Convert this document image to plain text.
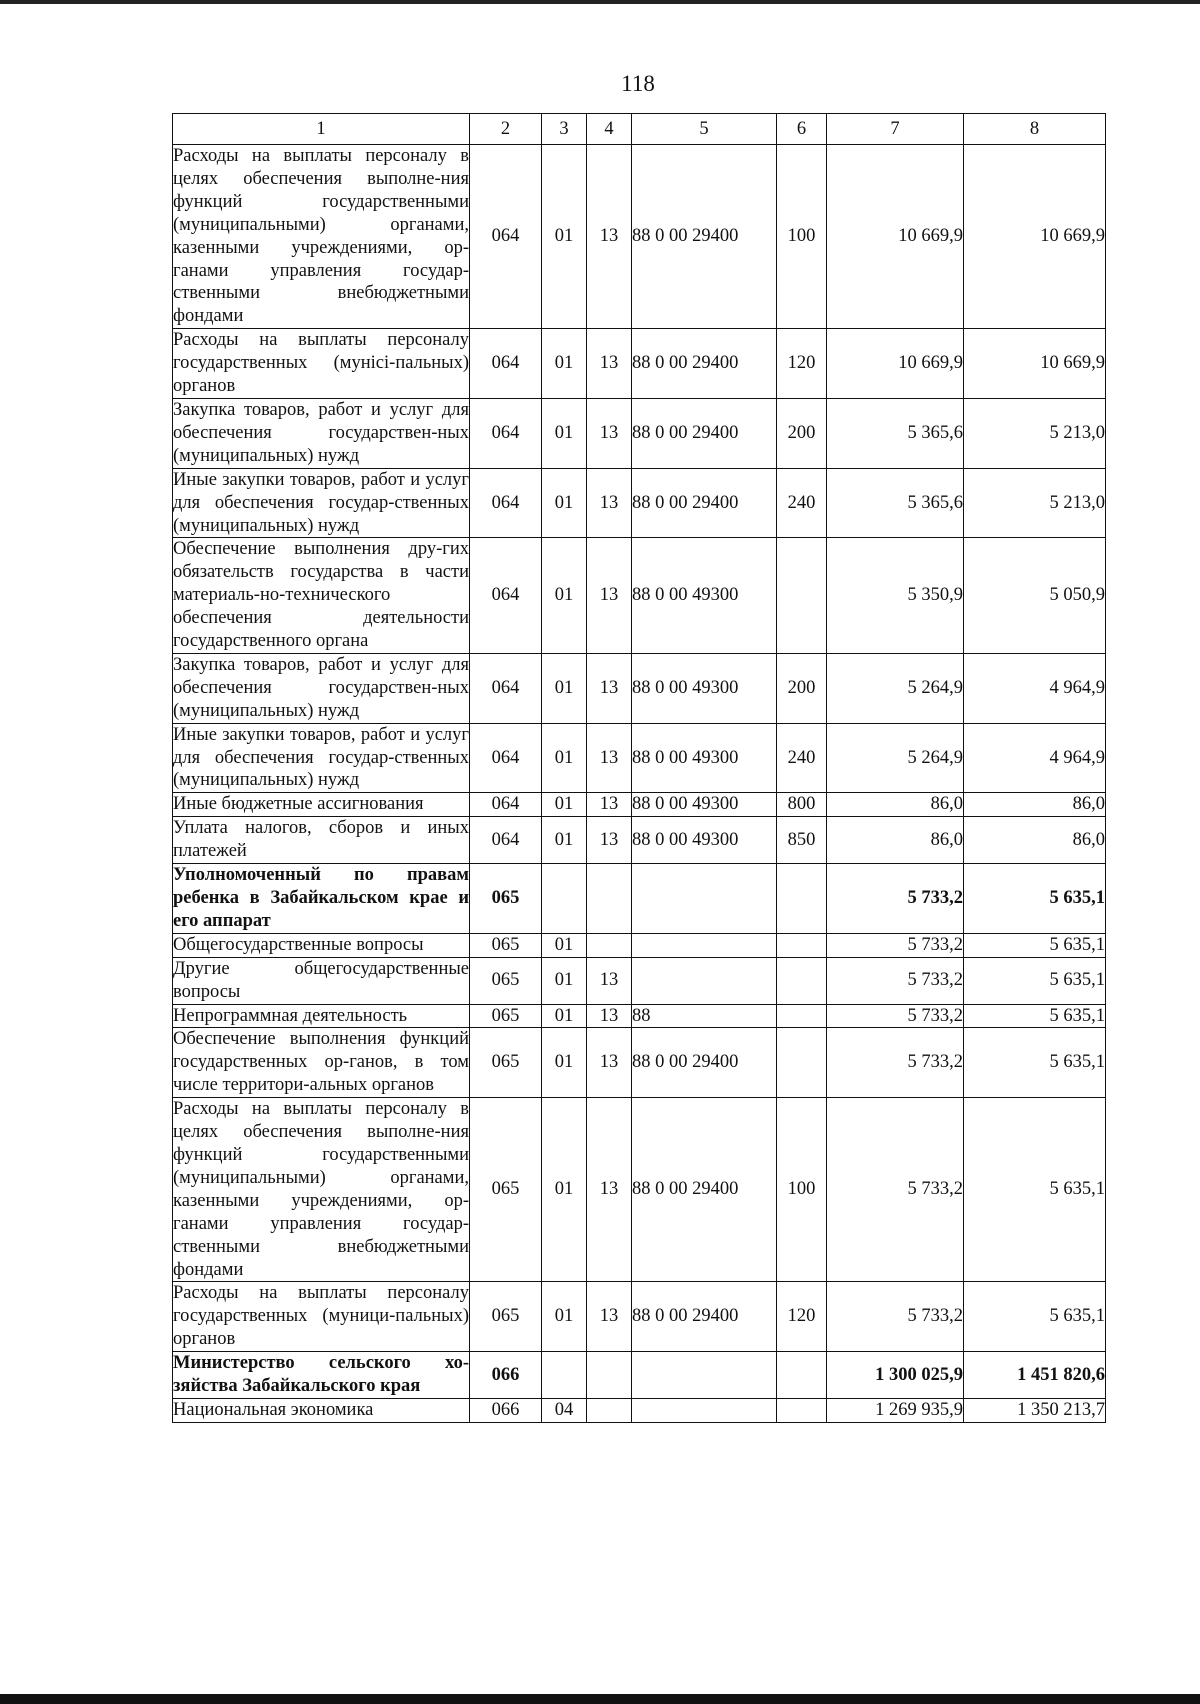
118
1	2	3	4	5	6	7	8
Расходы на выплаты персоналу в целях обеспечения выполне-ния функций государственными (муниципальными) органами, казенными учреждениями, ор-ганами управления государ-ственными внебюджетными фондами	064	01	13	88 0 00 29400	100	10 669,9	10 669,9
Расходы на выплаты персоналу государственных (мунici-пальных) органов	064	01	13	88 0 00 29400	120	10 669,9	10 669,9
Закупка товаров, работ и услуг для обеспечения государствен-ных (муниципальных) нужд	064	01	13	88 0 00 29400	200	5 365,6	5 213,0
Иные закупки товаров, работ и услуг для обеспечения государ-ственных (муниципальных) нужд	064	01	13	88 0 00 29400	240	5 365,6	5 213,0
Обеспечение выполнения дру-гих обязательств государства в части материаль-но-технического обеспечения деятельности государственного органа	064	01	13	88 0 00 49300		5 350,9	5 050,9
Закупка товаров, работ и услуг для обеспечения государствен-ных (муниципальных) нужд	064	01	13	88 0 00 49300	200	5 264,9	4 964,9
Иные закупки товаров, работ и услуг для обеспечения государ-ственных (муниципальных) нужд	064	01	13	88 0 00 49300	240	5 264,9	4 964,9
Иные бюджетные ассигнования	064	01	13	88 0 00 49300	800	86,0	86,0
Уплата налогов, сборов и иных платежей	064	01	13	88 0 00 49300	850	86,0	86,0
Уполномоченный по правам ребенка в Забайкальском крае и его аппарат	065					5 733,2	5 635,1
Общегосударственные вопросы	065	01				5 733,2	5 635,1
Другие общегосударственные вопросы	065	01	13			5 733,2	5 635,1
Непрограммная деятельность	065	01	13	88		5 733,2	5 635,1
Обеспечение выполнения функций государственных ор-ганов, в том числе территори-альных органов	065	01	13	88 0 00 29400		5 733,2	5 635,1
Расходы на выплаты персоналу в целях обеспечения выполне-ния функций государственными (муниципальными) органами, казенными учреждениями, ор-ганами управления государ-ственными внебюджетными фондами	065	01	13	88 0 00 29400	100	5 733,2	5 635,1
Расходы на выплаты персоналу государственных (муници-пальных) органов	065	01	13	88 0 00 29400	120	5 733,2	5 635,1
Министерство сельского хо-зяйства Забайкальского края	066					1 300 025,9	1 451 820,6
Национальная экономика	066	04				1 269 935,9	1 350 213,7
